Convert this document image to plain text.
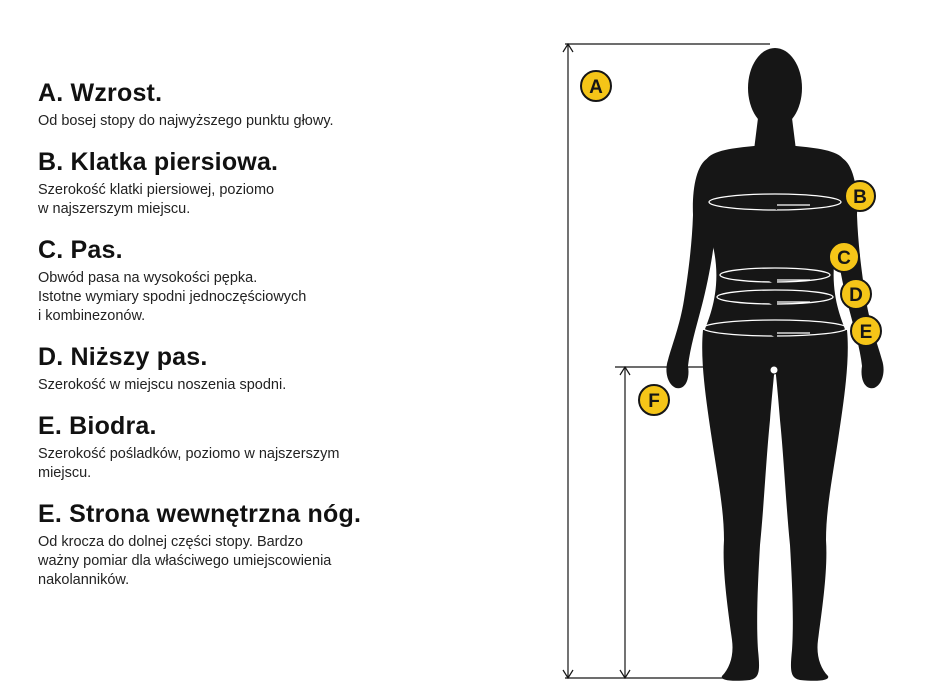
A. Wzrost.

Od bosej stopy do najwyższego punktu głowy.

B. Klatka piersiowa.

Szerokość klatki piersiowej, poziomo
w najszerszym miejscu.

C. Pas.

Obwód pasa na wysokości pępka.
Istotne wymiary spodni jednoczęściowych
i kombinezonów.

D. Niższy pas.

Szerokość w miejscu noszenia spodni.

E. Biodra.

Szerokość pośladków, poziomo w najszerszym
miejscu.

E. Strona wewnętrzna nóg.

Od krocza do dolnej części stopy. Bardzo
ważny pomiar dla właściwego umiejscowienia
nakolanników.

A
B
C
D
E
F
